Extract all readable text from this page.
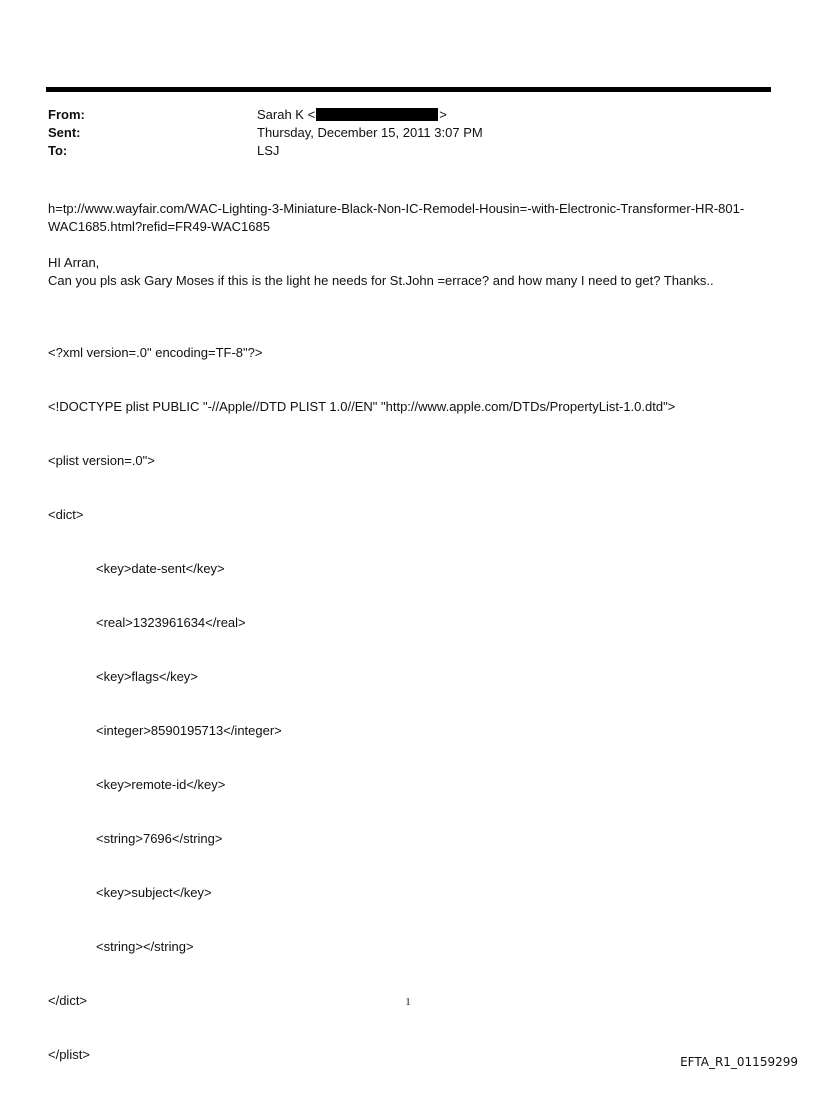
From:	Sarah K <	>
Sent:	Thursday, December 15, 2011 3:07 PM
To:	LSJ

h=tp://www.wayfair.com/WAC-Lighting-3-Miniature-Black-Non-IC-Remodel-Housin=-with-Electronic-Transformer-HR-801-WAC1685.html?refid=FR49-WAC1685

HI Arran,

Can you pls ask Gary Moses if this is the light he needs for St.John =errace? and how many I need to get? Thanks..

<?xml version=.0" encoding=TF-8"?>

<!DOCTYPE plist PUBLIC "-//Apple//DTD PLIST 1.0//EN" "http://www.apple.com/DTDs/PropertyList-1.0.dtd">

<plist version=.0">

<dict>

<key>date-sent</key>

<real>1323961634</real>

<key>flags</key>

<integer>8590195713</integer>

<key>remote-id</key>

<string>7696</string>

<key>subject</key>

<string></string>

</dict>

</plist>

1
EFTA_R1_01159299
